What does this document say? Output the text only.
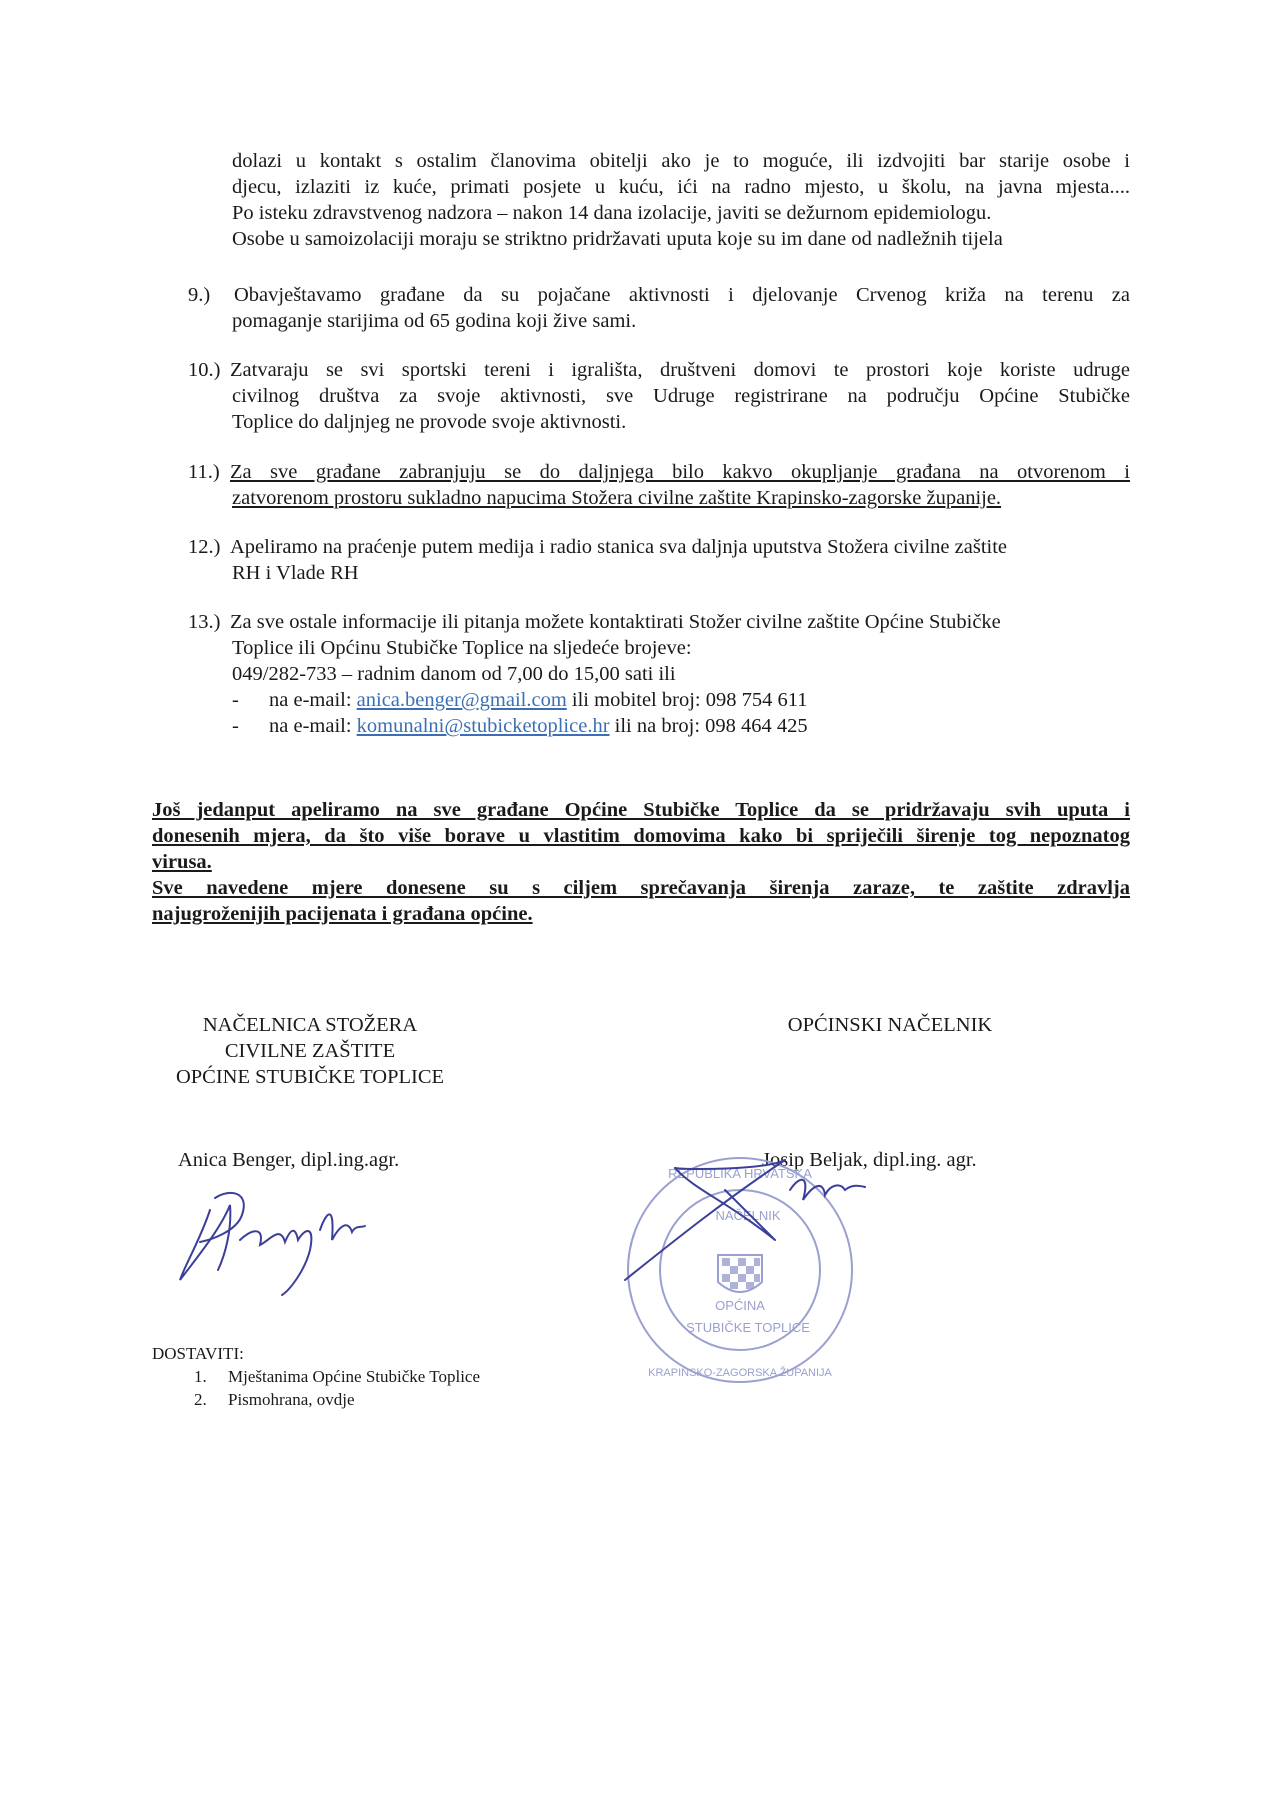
dolazi u kontakt s ostalim članovima obitelji ako je to moguće, ili izdvojiti bar starije osobe i
djecu, izlaziti iz kuće, primati posjete u kuću, ići na radno mjesto, u školu, na javna mjesta....
Po isteku zdravstvenog nadzora – nakon 14 dana izolacije, javiti se dežurnom epidemiologu.
Osobe u samoizolaciji moraju se striktno pridržavati uputa koje su im dane od nadležnih tijela
9.) Obavještavamo građane da su pojačane aktivnosti i djelovanje Crvenog križa na terenu za
pomaganje starijima od 65 godina koji žive sami.
10.) Zatvaraju se svi sportski tereni i igrališta, društveni domovi te prostori koje koriste udruge
civilnog društva za svoje aktivnosti, sve Udruge registrirane na području Općine Stubičke
Toplice do daljnjeg ne provode svoje aktivnosti.
11.) Za sve građane zabranjuju se do daljnjega bilo kakvo okupljanje građana na otvorenom i
zatvorenom prostoru sukladno napucima Stožera civilne zaštite Krapinsko-zagorske županije.
12.) Apeliramo na praćenje putem medija i radio stanica sva daljnja uputstva Stožera civilne zaštite
RH i Vlade RH
13.) Za sve ostale informacije ili pitanja možete kontaktirati Stožer civilne zaštite Općine Stubičke
Toplice ili Općinu Stubičke Toplice na sljedeće brojeve:
049/282-733 – radnim danom od 7,00 do 15,00 sati ili
- na e-mail: anica.benger@gmail.com ili mobitel broj: 098 754 611
- na e-mail: komunalni@stubicketoplice.hr ili na broj: 098 464 425
Još jedanput apeliramo na sve građane Općine Stubičke Toplice da se pridržavaju svih uputa i
donesenih mjera, da što više borave u vlastitim domovima kako bi spriječili širenje tog nepoznatog
virusa.
Sve navedene mjere donesene su s ciljem sprečavanja širenja zaraze, te zaštite zdravlja
najugroženijih pacijenata i građana općine.
NAČELNICA STOŽERA
CIVILNE ZAŠTITE
OPĆINE STUBIČKE TOPLICE
OPĆINSKI NAČELNIK
Anica Benger, dipl.ing.agr.	Josip Beljak, dipl.ing. agr.
REPUBLIKA HRVATSKA
NAČELNIK
OPĆINA
STUBIČKE TOPLICE
KRAPINSKO-ZAGORSKA ŽUPANIJA
DOSTAVITI:
1. Mještanima Općine Stubičke Toplice
2. Pismohrana, ovdje
